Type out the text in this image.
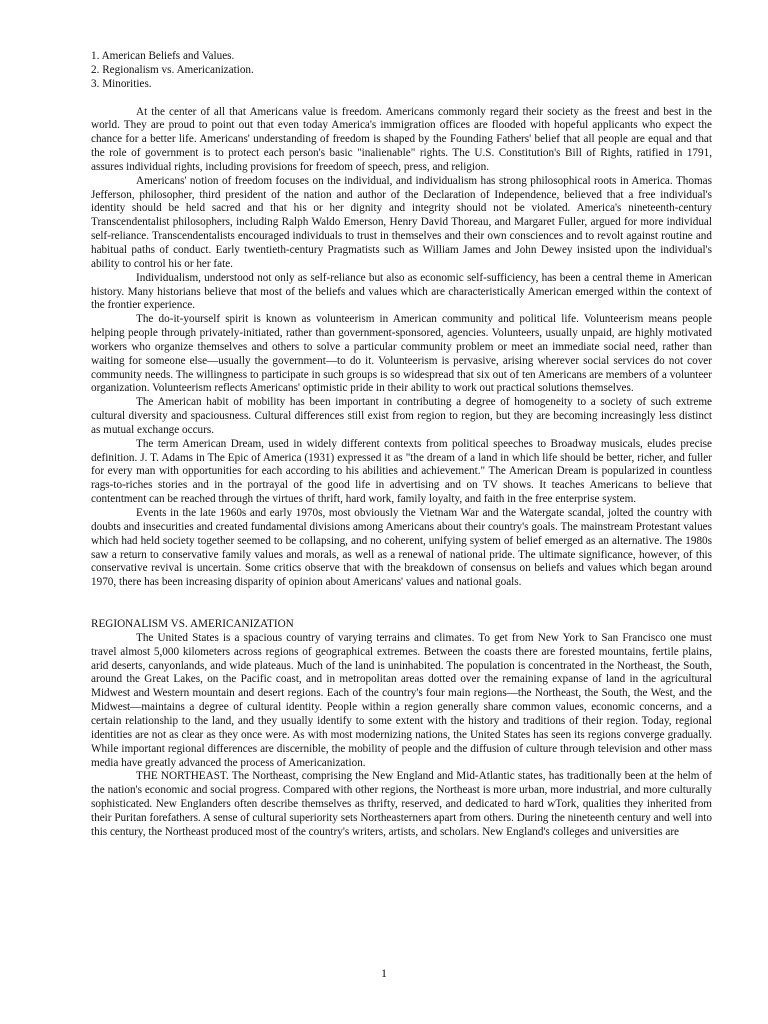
1. American Beliefs and Values.

2. Regionalism vs. Americanization.

3. Minorities.

At the center of all that Americans value is freedom. Americans commonly regard their society as the freest and best in the world. They are proud to point out that even today America's immigration offices are flooded with hopeful applicants who expect the chance for a better life. Americans' understanding of freedom is shaped by the Founding Fathers' belief that all people are equal and that the role of government is to protect each person's basic "inalienable" rights. The U.S. Constitution's Bill of Rights, ratified in 1791, assures individual rights, including provisions for freedom of speech, press, and religion.

Americans' notion of freedom focuses on the individual, and individualism has strong philosophical roots in America. Thomas Jefferson, philosopher, third president of the nation and author of the Declaration of Independence, believed that a free individual's identity should be held sacred and that his or her dignity and integrity should not be violated. America's nineteenth-century Transcendentalist philosophers, including Ralph Waldo Emerson, Henry David Thoreau, and Margaret Fuller, argued for more individual self-reliance. Transcendentalists encouraged individuals to trust in themselves and their own consciences and to revolt against routine and habitual paths of conduct. Early twentieth-century Pragmatists such as William James and John Dewey insisted upon the individual's ability to control his or her fate.

Individualism, understood not only as self-reliance but also as economic self-sufficiency, has been a central theme in American history. Many historians believe that most of the beliefs and values which are characteristically American emerged within the context of the frontier experience.

The do-it-yourself spirit is known as volunteerism in American community and political life. Volunteerism means people helping people through privately-initiated, rather than government-sponsored, agencies. Volunteers, usually unpaid, are highly motivated workers who organize themselves and others to solve a particular community problem or meet an immediate social need, rather than waiting for someone else—usually the government—to do it. Volunteerism is pervasive, arising wherever social services do not cover community needs. The willingness to participate in such groups is so widespread that six out of ten Americans are members of a volunteer organization. Volunteerism reflects Americans' optimistic pride in their ability to work out practical solutions themselves.

The American habit of mobility has been important in contributing a degree of homogeneity to a society of such extreme cultural diversity and spaciousness. Cultural differences still exist from region to region, but they are becoming increasingly less distinct as mutual exchange occurs.

The term American Dream, used in widely different contexts from political speeches to Broadway musicals, eludes precise definition. J. T. Adams in The Epic of America (1931) expressed it as "the dream of a land in which life should be better, richer, and fuller for every man with opportunities for each according to his abilities and achievement." The American Dream is popularized in countless rags-to-riches stories and in the portrayal of the good life in advertising and on TV shows. It teaches Americans to believe that contentment can be reached through the virtues of thrift, hard work, family loyalty, and faith in the free enterprise system.

Events in the late 1960s and early 1970s, most obviously the Vietnam War and the Watergate scandal, jolted the country with doubts and insecurities and created fundamental divisions among Americans about their country's goals. The mainstream Protestant values which had held society together seemed to be collapsing, and no coherent, unifying system of belief emerged as an alternative. The 1980s saw a return to conservative family values and morals, as well as a renewal of national pride. The ultimate significance, however, of this conservative revival is uncertain. Some critics observe that with the breakdown of consensus on beliefs and values which began around 1970, there has been increasing disparity of opinion about Americans' values and national goals.

REGIONALISM VS. AMERICANIZATION

The United States is a spacious country of varying terrains and climates. To get from New York to San Francisco one must travel almost 5,000 kilometers across regions of geographical extremes. Between the coasts there are forested mountains, fertile plains, arid deserts, canyonlands, and wide plateaus. Much of the land is uninhabited. The population is concentrated in the Northeast, the South, around the Great Lakes, on the Pacific coast, and in metropolitan areas dotted over the remaining expanse of land in the agricultural Midwest and Western mountain and desert regions. Each of the country's four main regions—the Northeast, the South, the West, and the Midwest—maintains a degree of cultural identity. People within a region generally share common values, economic concerns, and a certain relationship to the land, and they usually identify to some extent with the history and traditions of their region. Today, regional identities are not as clear as they once were. As with most modernizing nations, the United States has seen its regions converge gradually. While important regional differences are discernible, the mobility of people and the diffusion of culture through television and other mass media have greatly advanced the process of Americanization.

THE NORTHEAST. The Northeast, comprising the New England and Mid-Atlantic states, has traditionally been at the helm of the nation's economic and social progress. Compared with other regions, the Northeast is more urban, more industrial, and more culturally sophisticated. New Englanders often describe themselves as thrifty, reserved, and dedicated to hard wTork, qualities they inherited from their Puritan forefathers. A sense of cultural superiority sets Northeasterners apart from others. During the nineteenth century and well into this century, the Northeast produced most of the country's writers, artists, and scholars. New England's colleges and universities are

1
